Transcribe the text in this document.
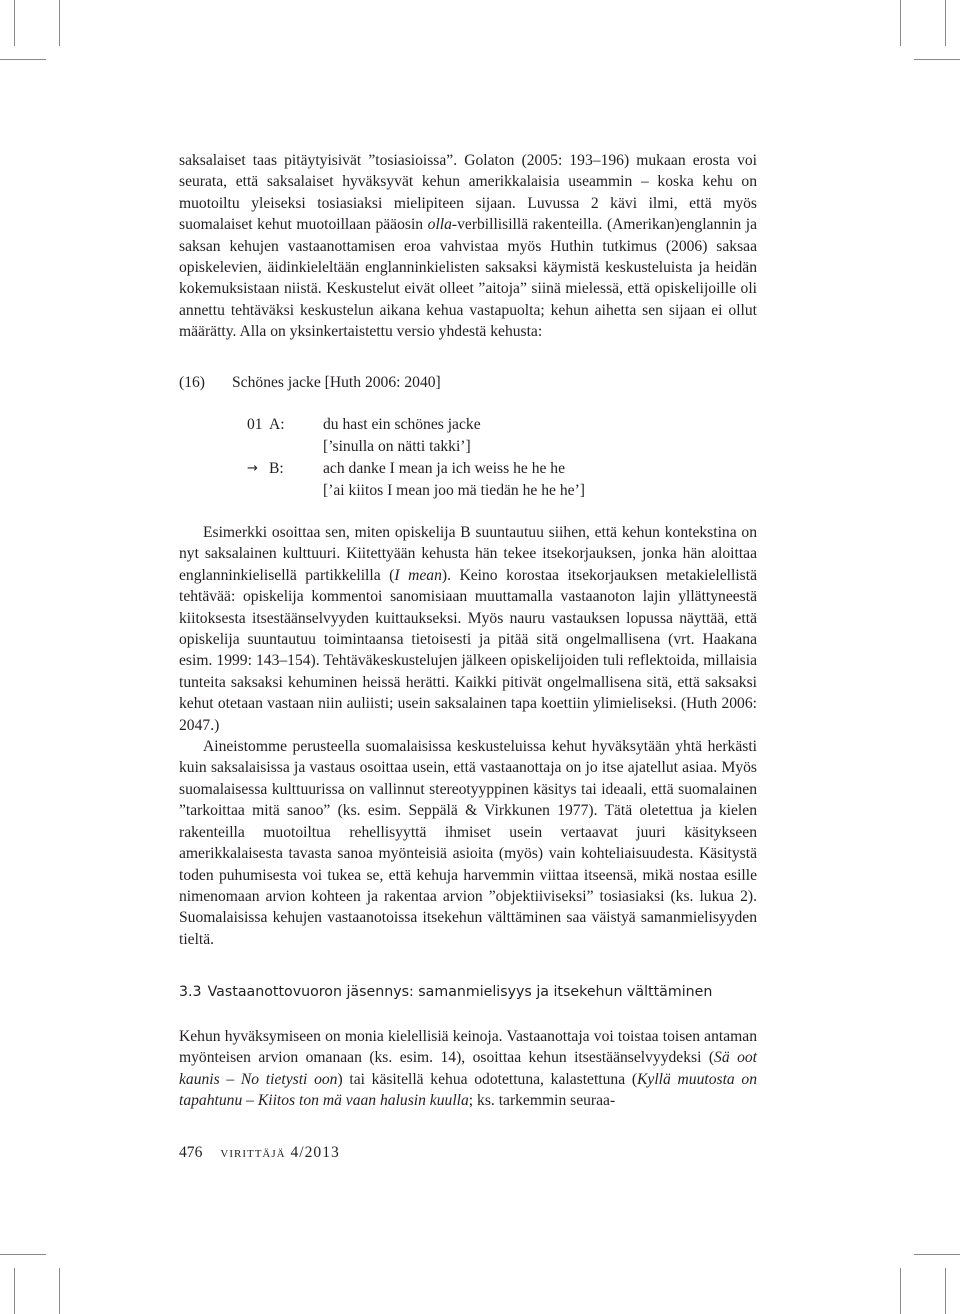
saksalaiset taas pitäytyisivät ”tosiasioissa”. Golaton (2005: 193–196) mukaan erosta voi seurata, että saksalaiset hyväksyvät kehun amerikkalaisia useammin – koska kehu on muotoiltu yleiseksi tosiasiaksi mielipiteen sijaan. Luvussa 2 kävi ilmi, että myös suomalaiset kehut muotoillaan pääosin olla-verbillisillä rakenteilla. (Amerikan)englannin ja saksan kehujen vastaanottamisen eroa vahvistaa myös Huthin tutkimus (2006) saksaa opiskelevien, äidinkieleltään englanninkielisten saksaksi käymistä keskusteluista ja heidän kokemuksistaan niistä. Keskustelut eivät olleet ”aitoja” siinä mielessä, että opiskelijoille oli annettu tehtäväksi keskustelun aikana kehua vastapuolta; kehun aihetta sen sijaan ei ollut määrätty. Alla on yksinkertaistettu versio yhdestä kehusta:

(16) Schönes jacke [Huth 2006: 2040]
01 A: du hast ein schönes jacke
[’sinulla on nätti takki’]
→ B:	ach danke I mean ja ich weiss he he he
[’ai kiitos I mean joo mä tiedän he he he’]

Esimerkki osoittaa sen, miten opiskelija B suuntautuu siihen, että kehun kontekstina on nyt saksalainen kulttuuri. Kiitettyään kehusta hän tekee itsekorjauksen, jonka hän aloittaa englanninkielisellä partikkelilla (I mean). Keino korostaa itsekorjauksen metakielellistä tehtävää: opiskelija kommentoi sanomisiaan muuttamalla vastaanoton lajin yllättyneestä kiitoksesta itsestäänselvyyden kuittaukseksi. Myös nauru vastauksen lopussa näyttää, että opiskelija suuntautuu toimintaansa tietoisesti ja pitää sitä ongelmallisena (vrt. Haakana esim. 1999: 143–154). Tehtäväkeskustelujen jälkeen opiskelijoiden tuli reflektoida, millaisia tunteita saksaksi kehuminen heissä herätti. Kaikki pitivät ongelmallisena sitä, että saksaksi kehut otetaan vastaan niin auliisti; usein saksalainen tapa koettiin ylimieliseksi. (Huth 2006: 2047.)

Aineistomme perusteella suomalaisissa keskusteluissa kehut hyväksytään yhtä herkästi kuin saksalaisissa ja vastaus osoittaa usein, että vastaanottaja on jo itse ajatellut asiaa. Myös suomalaisessa kulttuurissa on vallinnut stereotyyppinen käsitys tai ideaali, että suomalainen ”tarkoittaa mitä sanoo” (ks. esim. Seppälä & Virkkunen 1977). Tätä oletettua ja kielen rakenteilla muotoiltua rehellisyyttä ihmiset usein vertaavat juuri käsitykseen amerikkalaisesta tavasta sanoa myönteisiä asioita (myös) vain kohteliaisuudesta. Käsitystä toden puhumisesta voi tukea se, että kehuja harvemmin viittaa itseensä, mikä nostaa esille nimenomaan arvion kohteen ja rakentaa arvion ”objektiiviseksi” tosiasiaksi (ks. lukua 2). Suomalaisissa kehujen vastaanotoissa itsekehun välttäminen saa väistyä samanmielisyyden tieltä.

3.3 Vastaanottovuoron jäsennys: samanmielisyys ja itsekehun välttäminen

Kehun hyväksymiseen on monia kielellisiä keinoja. Vastaanottaja voi toistaa toisen antaman myönteisen arvion omanaan (ks. esim. 14), osoittaa kehun itsestäänselvyydeksi (Sä oot kaunis – No tietysti oon) tai käsitellä kehua odotettuna, kalastettuna (Kyllä muutosta on tapahtunu – Kiitos ton mä vaan halusin kuulla; ks. tarkemmin seuraa-

476 virittäjä 4/2013
